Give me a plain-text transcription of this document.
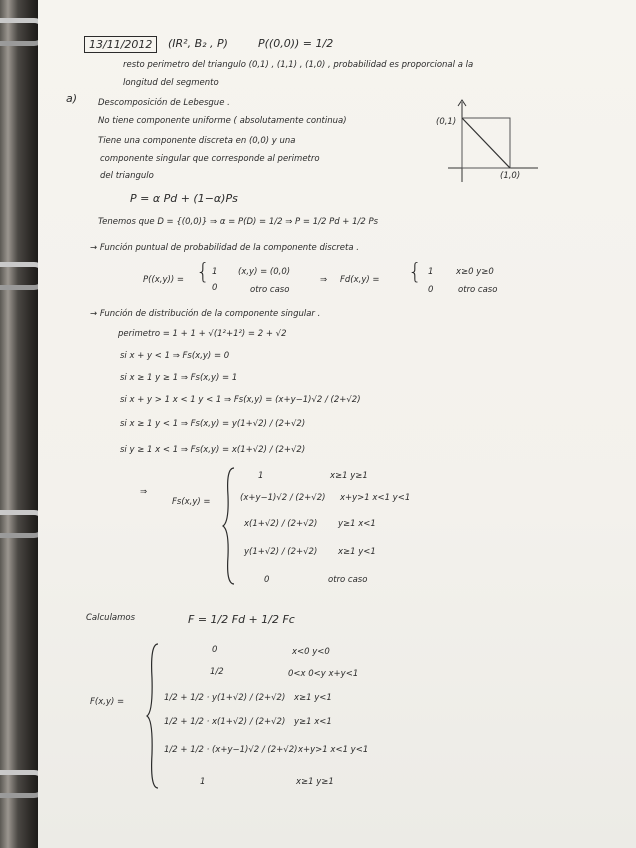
13/11/2012	(IR², B₂ , P)	P((0,0)) = 1/2
resto perimetro del triangulo (0,1) , (1,1) , (1,0) , probabilidad es proporcional a la
longitud del segmento
a) Descomposición de Lebesgue .
No tiene componente uniforme ( absolutamente continua)
Tiene una componente discreta en (0,0) y una
componente singular que corresponde al perimetro
del triangulo
P = α Pd + (1−α)Ps
(0,1)
(1,0)
Tenemos que D = {(0,0)} ⇒ α = P(D) = 1/2 ⇒ P = 1/2 Pd + 1/2 Ps
→ Función puntual de probabilidad de la componente discreta .
P((x,y)) = { 1 (x,y) = (0,0)
0	otro caso
⇒ Fd(x,y) = { 1	x≥0 y≥0
0	otro caso
→ Función de distribución de la componente singular .
perimetro = 1 + 1 + √(1²+1²) = 2 + √2
si x + y < 1 ⇒ Fs(x,y) = 0
si x ≥ 1 y ≥ 1 ⇒ Fs(x,y) = 1
si x + y > 1 x < 1 y < 1 ⇒ Fs(x,y) = (x+y−1)√2 / (2+√2)
si x ≥ 1 y < 1 ⇒ Fs(x,y) = y(1+√2) / (2+√2)
si y ≥ 1 x < 1 ⇒ Fs(x,y) = x(1+√2) / (2+√2)
⇒
Fs(x,y) =
1	x≥1 y≥1
(x+y−1)√2 / (2+√2) x+y>1 x<1 y<1
x(1+√2) / (2+√2) y≥1 x<1
y(1+√2) / (2+√2) x≥1 y<1
0	otro caso
Calculamos	F = 1/2 Fd + 1/2 Fc
F(x,y) =
0	x<0 y<0
1/2	0<x 0<y x+y<1
1/2 + 1/2 · y(1+√2) / (2+√2) x≥1 y<1
1/2 + 1/2 · x(1+√2) / (2+√2) y≥1 x<1
1/2 + 1/2 · (x+y−1)√2 / (2+√2) x+y>1 x<1 y<1
1	x≥1 y≥1
